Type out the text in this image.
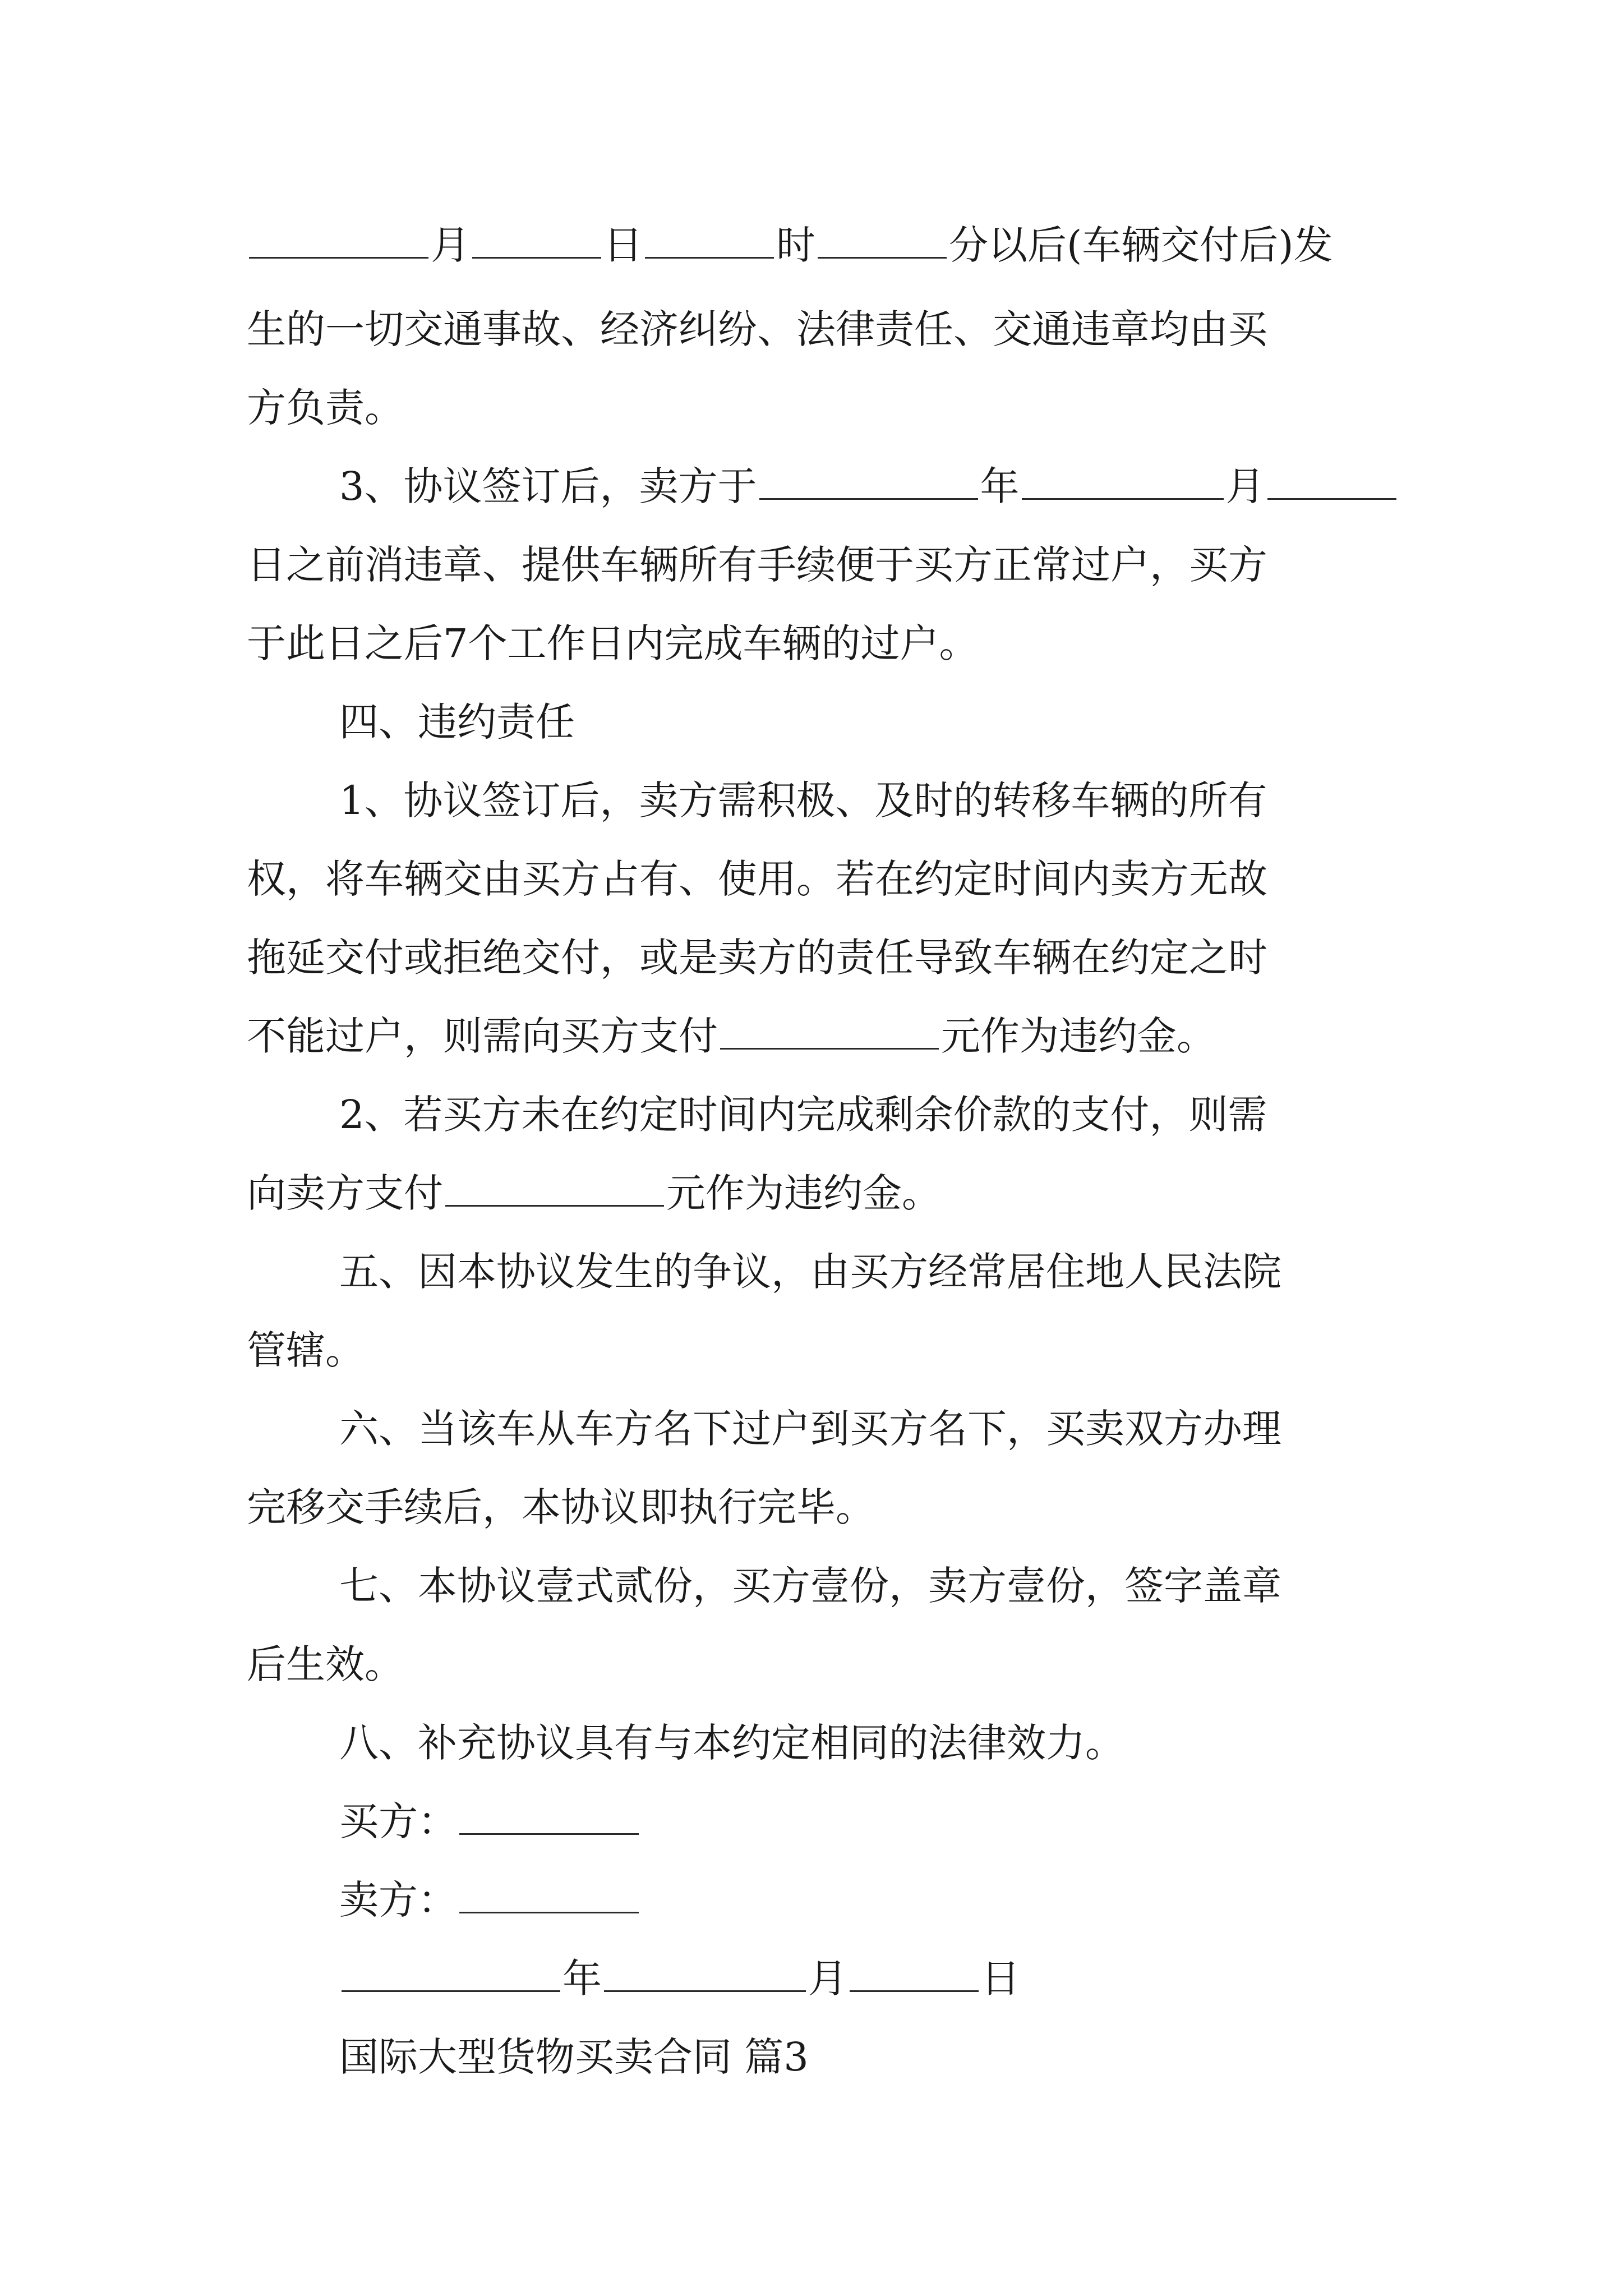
月	日	时	分以后(车辆交付后)发
生的一切交通事故、经济纠纷、法律责任、交通违章均由买
方负责。
3、协议签订后，卖方于	年	月
日之前消违章、提供车辆所有手续便于买方正常过户，买方
于此日之后7个工作日内完成车辆的过户。
四、违约责任
1、协议签订后，卖方需积极、及时的转移车辆的所有
权，将车辆交由买方占有、使用。若在约定时间内卖方无故
拖延交付或拒绝交付，或是卖方的责任导致车辆在约定之时
不能过户，则需向买方支付	元作为违约金。
2、若买方未在约定时间内完成剩余价款的支付，则需
向卖方支付	元作为违约金。
五、因本协议发生的争议，由买方经常居住地人民法院
管辖。
六、当该车从车方名下过户到买方名下，买卖双方办理
完移交手续后，本协议即执行完毕。
七、本协议壹式贰份，买方壹份，卖方壹份，签字盖章
后生效。
八、补充协议具有与本约定相同的法律效力。
买方：
卖方：
年	月	日
国际大型货物买卖合同 篇3
